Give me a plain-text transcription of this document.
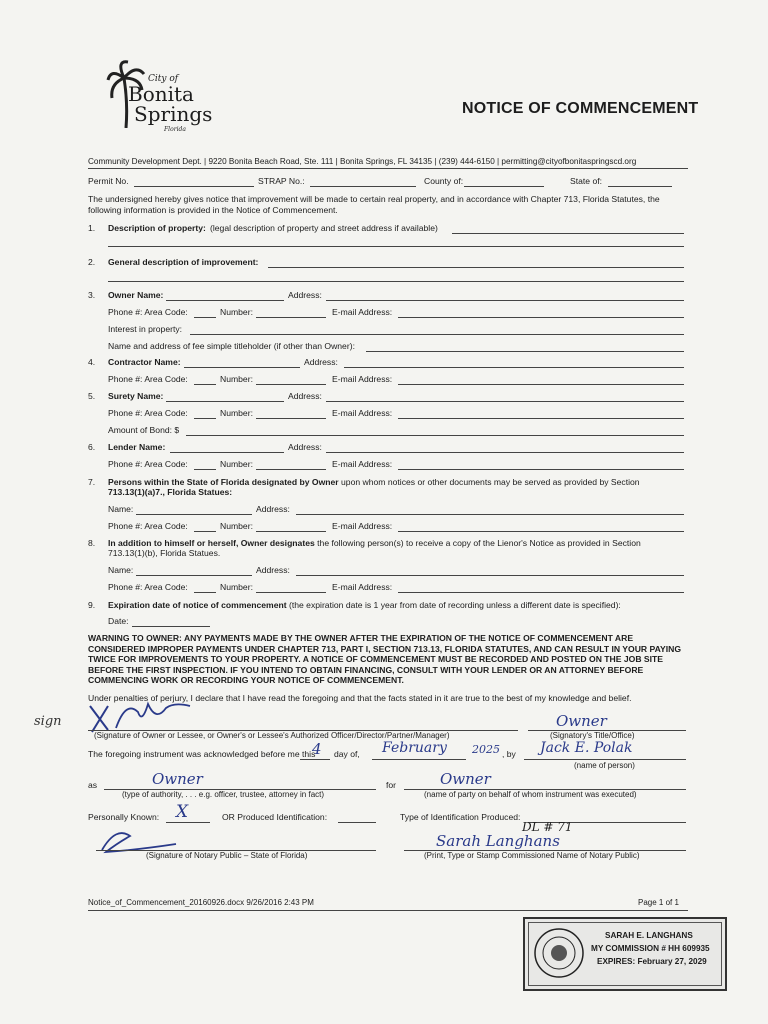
City of
Bonita
Springs
Florida
NOTICE OF COMMENCEMENT
Community Development Dept. | 9220 Bonita Beach Road, Ste. 111 | Bonita Springs, FL 34135 | (239) 444-6150 | permitting@cityofbonitaspringscd.org
Permit No.	STRAP No.:	County of:	State of:
The undersigned hereby gives notice that improvement will be made to certain real property, and in accordance with Chapter 713, Florida Statutes, the following information is provided in the Notice of Commencement.
1. Description of property: (legal description of property and street address if available)
2. General description of improvement:
3. Owner Name:	Address:
Phone #: Area Code:	Number:	E-mail Address:
Interest in property:
Name and address of fee simple titleholder (if other than Owner):
4. Contractor Name:	Address:
Phone #: Area Code:	Number:	E-mail Address:
5. Surety Name:	Address:
Phone #: Area Code:	Number:	E-mail Address:
Amount of Bond: $
6. Lender Name:	Address:
Phone #: Area Code:	Number:	E-mail Address:
7. Persons within the State of Florida designated by Owner upon whom notices or other documents may be served as provided by Section
713.13(1)(a)7., Florida Statues:
Name:	Address:
Phone #: Area Code:	Number:	E-mail Address:
8. In addition to himself or herself, Owner designates the following person(s) to receive a copy of the Lienor's Notice as provided in Section
713.13(1)(b), Florida Statues.
Name:	Address:
Phone #: Area Code:	Number:	E-mail Address:
9. Expiration date of notice of commencement (the expiration date is 1 year from date of recording unless a different date is specified):
Date:
WARNING TO OWNER: ANY PAYMENTS MADE BY THE OWNER AFTER THE EXPIRATION OF THE NOTICE OF COMMENCEMENT ARE CONSIDERED IMPROPER PAYMENTS UNDER CHAPTER 713, PART I, SECTION 713.13, FLORIDA STATUTES, AND CAN RESULT IN YOUR PAYING TWICE FOR IMPROVEMENTS TO YOUR PROPERTY. A NOTICE OF COMMENCEMENT MUST BE RECORDED AND POSTED ON THE JOB SITE BEFORE THE FIRST INSPECTION. IF YOU INTEND TO OBTAIN FINANCING, CONSULT WITH YOUR LENDER OR AN ATTORNEY BEFORE COMMENCING WORK OR RECORDING YOUR NOTICE OF COMMENCEMENT.
Under penalties of perjury, I declare that I have read the foregoing and that the facts stated in it are true to the best of my knowledge and belief.
sign
(Signature of Owner or Lessee, or Owner's or Lessee's Authorized Officer/Director/Partner/Manager)
Owner
(Signatory's Title/Office)
The foregoing instrument was acknowledged before me this
4 day of, February 2025 , by Jack E. Polak
(name of person)
as	Owner
(type of authority, . . . e.g. officer, trustee, attorney in fact)
for	Owner
(name of party on behalf of whom instrument was executed)
Personally Known: X	OR Produced Identification:	Type of Identification Produced:
DL # 71
(Signature of Notary Public – State of Florida)
Sarah Langhans
(Print, Type or Stamp Commissioned Name of Notary Public)
Notice_of_Commencement_20160926.docx 9/26/2016 2:43 PM	Page 1 of 1
SARAH E. LANGHANS
MY COMMISSION # HH 609935
EXPIRES: February 27, 2029
